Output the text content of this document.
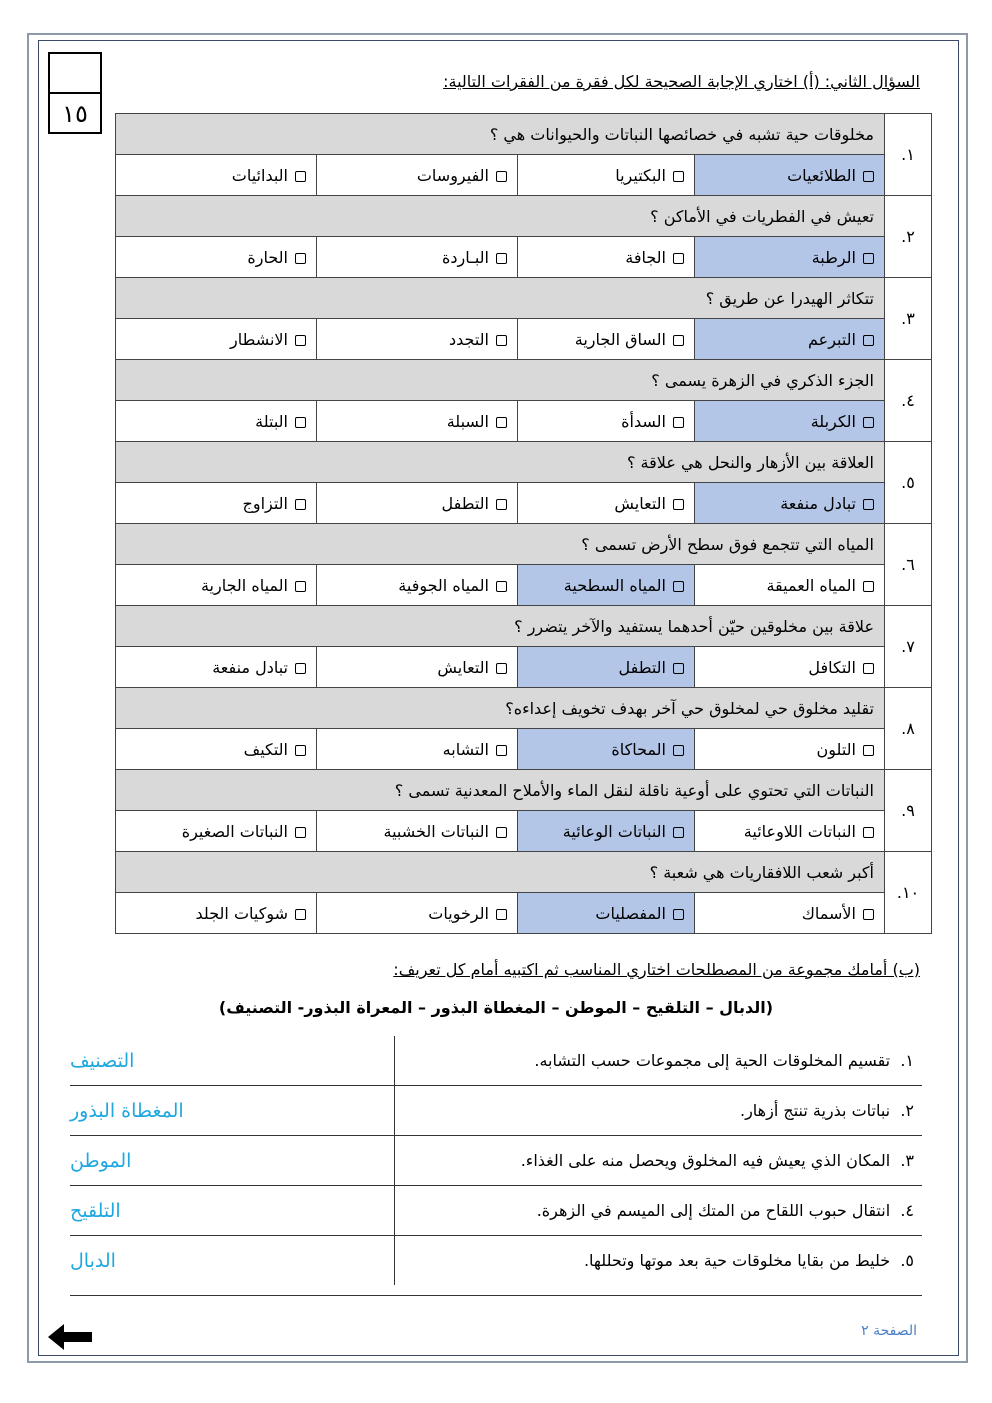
١٥
السؤال الثاني: (أ) اختاري الإجابة الصحيحة لكل فقرة من الفقرات التالية:
١.	مخلوقات حية تشبه في خصائصها النباتات والحيوانات هي ؟			
	الطلائعيات	البكتيريا	الفيروسات	البدائيات
٢.	تعيش في الفطريات في الأماكن ؟			
	الرطبة	الجافة	البـاردة	الحارة
٣.	تتكاثر الهيدرا عن طريق ؟			
	التبرعم	الساق الجارية	التجدد	الانشطار
٤.	الجزء الذكري في الزهرة يسمى ؟			
	الكربلة	السدأة	السبلة	البتلة
٥.	العلاقة بين الأزهار والنحل هي علاقة ؟			
	تبادل منفعة	التعايش	التطفل	التزاوج
٦.	المياه التي تتجمع فوق سطح الأرض تسمى ؟			
	المياه العميقة	المياه السطحية	المياه الجوفية	المياه الجارية
٧.	علاقة بين مخلوقين حيّن أحدهما يستفيد والآخر يتضرر ؟			
	التكافل	التطفل	التعايش	تبادل منفعة
٨.	تقليد مخلوق حي لمخلوق حي آخر بهدف تخويف إعداءه؟			
	التلون	المحاكاة	التشابه	التكيف
٩.	النباتات التي تحتوي على أوعية ناقلة لنقل الماء والأملاح المعدنية تسمى ؟			
	النباتات اللاوعائية	النباتات الوعائية	النباتات الخشبية	النباتات الصغيرة
١٠.	أكبر شعب اللافقاريات هي شعبة ؟			
	الأسماك	المفصليات	الرخويات	شوكيات الجلد
(ب) أمامك مجموعة من المصطلحات اختاري المناسب ثم اكتبيه أمام كل تعريف:
(الدبال – التلقيح – الموطن – المغطاة البذور – المعراة البذور- التصنيف)
١.

تقسيم المخلوقات الحية إلى مجموعات حسب التشابه.
التصنيف
٢.

نباتات بذرية تنتج أزهار.
المغطاة البذور
٣.

المكان الذي يعيش فيه المخلوق ويحصل منه على الغذاء.
الموطن
٤.

انتقال حبوب اللقاح من المتك إلى الميسم في الزهرة.
التلقيح
٥.

خليط من بقايا مخلوقات حية بعد موتها وتحللها.
الدبال
الصفحة ٢
